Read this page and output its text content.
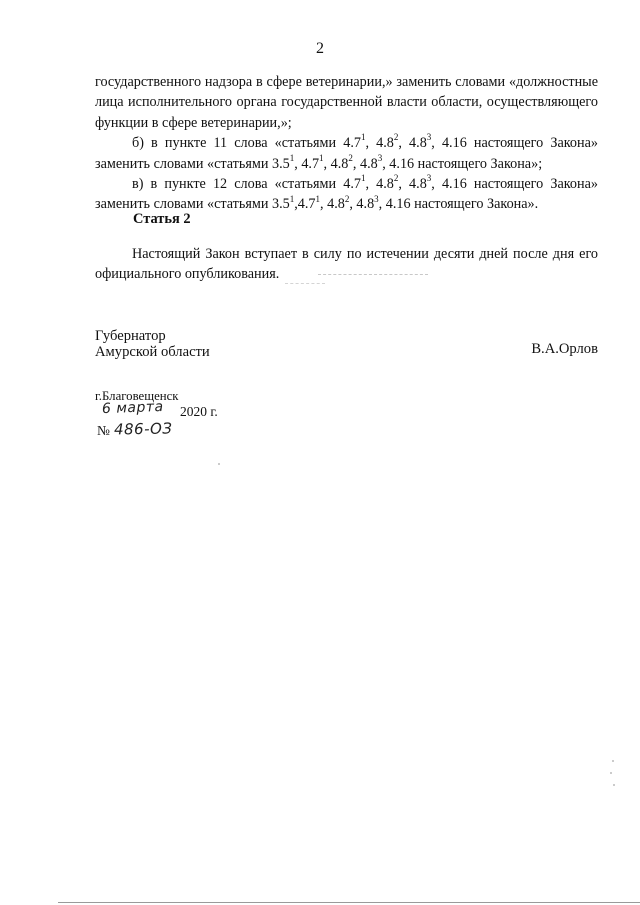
2

государственного надзора в сфере ветеринарии,» заменить словами «должностные лица исполнительного органа государственной власти области, осуществляющего функции в сфере ветеринарии,»;

б) в пункте 11 слова «статьями $4.7^1$, $4.8^2$, $4.8^3$, 4.16 настоящего Закона» заменить словами «статьями $3.5^1$, $4.7^1$, $4.8^2$, $4.8^3$, 4.16 настоящего Закона»;

в) в пункте 12 слова «статьями $4.7^1$, $4.8^2$, $4.8^3$, 4.16 настоящего Закона» заменить словами «статьями $3.5^1,4.7^1$, $4.8^2$, $4.8^3$, 4.16 настоящего Закона».

Статья 2

Настоящий Закон вступает в силу по истечении десяти дней после дня его официального опубликования.

Губернатор
Амурской области	В.А.Орлов
г.Благовещенск
6 марта 2020 г.
№ 486-ОЗ
